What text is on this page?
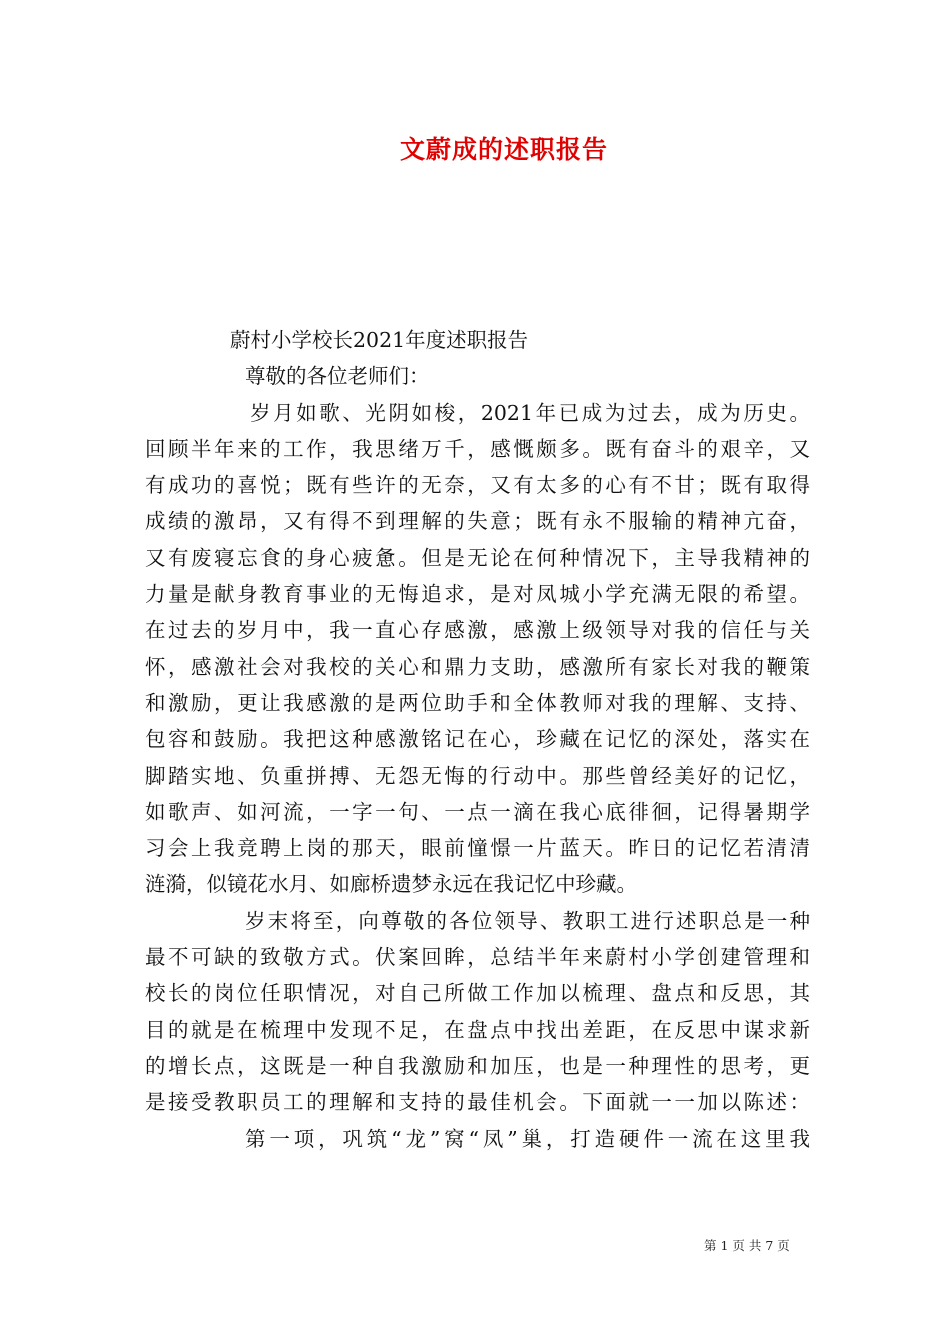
文蔚成的述职报告
蔚村小学校长2021年度述职报告
尊敬的各位老师们：
岁月如歌、光阴如梭，2021年已成为过去，成为历史。
回顾半年来的工作，我思绪万千，感慨颇多。既有奋斗的艰辛，又
有成功的喜悦；既有些许的无奈，又有太多的心有不甘；既有取得
成绩的激昂，又有得不到理解的失意；既有永不服输的精神亢奋，
又有废寝忘食的身心疲惫。但是无论在何种情况下，主导我精神的
力量是献身教育事业的无悔追求，是对凤城小学充满无限的希望。
在过去的岁月中，我一直心存感激，感激上级领导对我的信任与关
怀，感激社会对我校的关心和鼎力支助，感激所有家长对我的鞭策
和激励，更让我感激的是两位助手和全体教师对我的理解、支持、
包容和鼓励。我把这种感激铭记在心，珍藏在记忆的深处，落实在
脚踏实地、负重拼搏、无怨无悔的行动中。那些曾经美好的记忆，
如歌声、如河流，一字一句、一点一滴在我心底徘徊，记得暑期学
习会上我竞聘上岗的那天，眼前憧憬一片蓝天。昨日的记忆若清清
涟漪，似镜花水月、如廊桥遗梦永远在我记忆中珍藏。
岁末将至，向尊敬的各位领导、教职工进行述职总是一种
最不可缺的致敬方式。伏案回眸，总结半年来蔚村小学创建管理和
校长的岗位任职情况，对自己所做工作加以梳理、盘点和反思，其
目的就是在梳理中发现不足，在盘点中找出差距，在反思中谋求新
的增长点，这既是一种自我激励和加压，也是一种理性的思考，更
是接受教职员工的理解和支持的最佳机会。下面就一一加以陈述：
第一项，巩筑“龙”窝“凤”巢，打造硬件一流在这里我
第 1 页 共 7 页
